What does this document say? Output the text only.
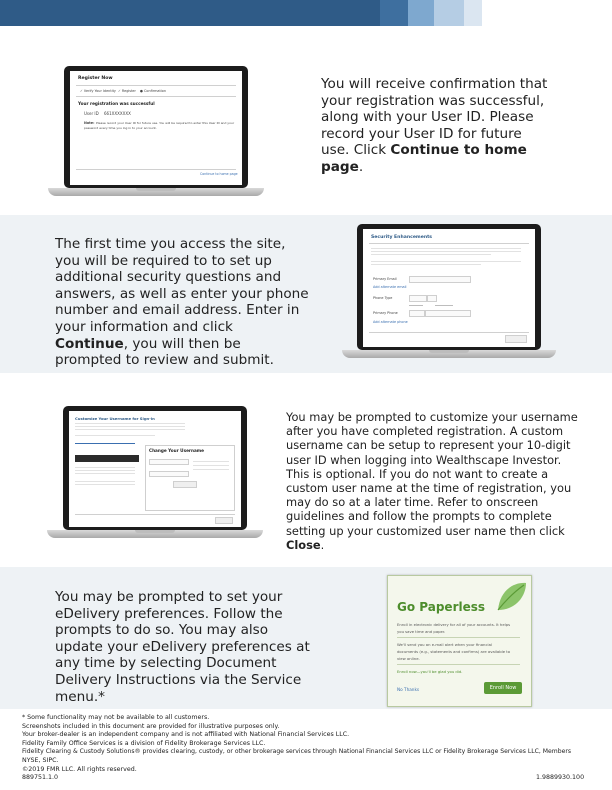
Register Now
✓ Verify Your Identity ✓ Register ● Confirmation
Your registration was successful
User ID 661XXXXXXX
Note: Please record your User ID for future use. You will be required to enter this User ID and your
password every time you log in to your account.
Continue to home page
You will receive confirmation that your registration was successful, along with your User ID. Please record your User ID for future use. Click Continue to home page.
The first time you access the site, you will be required to to set up additional security questions and answers, as well as enter your phone number and email address. Enter in your information and click Continue, you will then be prompted to review and submit.
Security Enhancements
Primary Email
Add alternate email
Phone Type
Primary Phone
Add alternate phone
Customize Your Username for Sign-in
Change Your Username
You may be prompted to customize your username after you have completed registration. A custom username can be setup to represent your 10-digit user ID when logging into Wealthscape Investor. This is optional. If you do not want to create a custom user name at the time of registration, you may do so at a later time. Refer to onscreen guidelines and follow the prompts to complete setting up your customized user name then click Close.
You may be prompted to set your eDelivery preferences. Follow the prompts to do so. You may also update your eDelivery preferences at any time by selecting Document Delivery Instructions via the Service menu.*
Go Paperless
Enroll in electronic delivery for all of your accounts. It helps
you save time and paper.
We'll send you an e-mail alert when your financial
documents (e.g., statements and confirms) are available to
view online.
Enroll now—you'll be glad you did.
No Thanks	Enroll Now
* Some functionality may not be available to all customers.
Screenshots included in this document are provided for illustrative purposes only.
Your broker-dealer is an independent company and is not affiliated with National Financial Services LLC.
Fidelity Family Office Services is a division of Fidelity Brokerage Services LLC.
Fidelity Clearing & Custody Solutions® provides clearing, custody, or other brokerage services through National Financial Services LLC or Fidelity Brokerage Services LLC, Members
NYSE, SIPC.
©2019 FMR LLC. All rights reserved.
889751.1.0	1.9889930.100
